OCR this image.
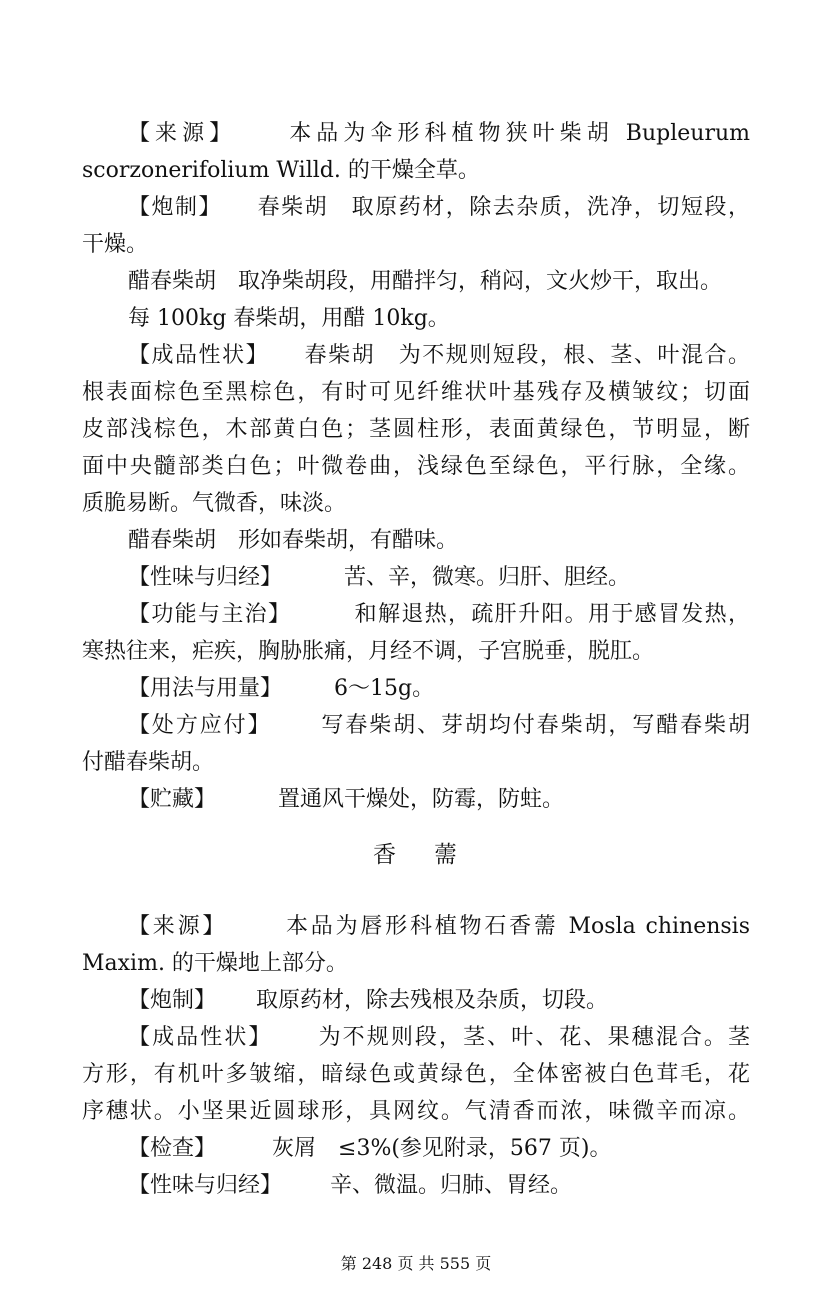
【来源】 本品为伞形科植物狭叶柴胡 Bupleurum
scorzonerifolium Willd. 的干燥全草。
【炮制】 春柴胡　取原药材，除去杂质，洗净，切短段，
干燥。
醋春柴胡　取净柴胡段，用醋拌匀，稍闷，文火炒干，取出。
每 100kg 春柴胡，用醋 10kg。
【成品性状】 春柴胡　为不规则短段，根、茎、叶混合。
根表面棕色至黑棕色，有时可见纤维状叶基残存及横皱纹；切面
皮部浅棕色，木部黄白色；茎圆柱形，表面黄绿色，节明显，断
面中央髓部类白色；叶微卷曲，浅绿色至绿色，平行脉，全缘。
质脆易断。气微香，味淡。
醋春柴胡　形如春柴胡，有醋味。
【性味与归经】	苦、辛，微寒。归肝、胆经。
【功能与主治】	和解退热，疏肝升阳。用于感冒发热，
寒热往来，疟疾，胸胁胀痛，月经不调，子宫脱垂，脱肛。
【用法与用量】 6～15g。
【处方应付】 写春柴胡、芽胡均付春柴胡，写醋春柴胡
付醋春柴胡。
【贮藏】	置通风干燥处，防霉，防蛀。
香 薷
【来源】	本品为唇形科植物石香薷 Mosla chinensis
Maxim. 的干燥地上部分。
【炮制】 取原药材，除去残根及杂质，切段。
【成品性状】 为不规则段，茎、叶、花、果穗混合。茎
方形，有机叶多皱缩，暗绿色或黄绿色，全体密被白色茸毛，花
序穗状。小坚果近圆球形，具网纹。气清香而浓，味微辛而凉。
【检查】	灰屑　≤3%(参见附录，567 页)。
【性味与归经】 辛、微温。归肺、胃经。
第 248 页 共 555 页
